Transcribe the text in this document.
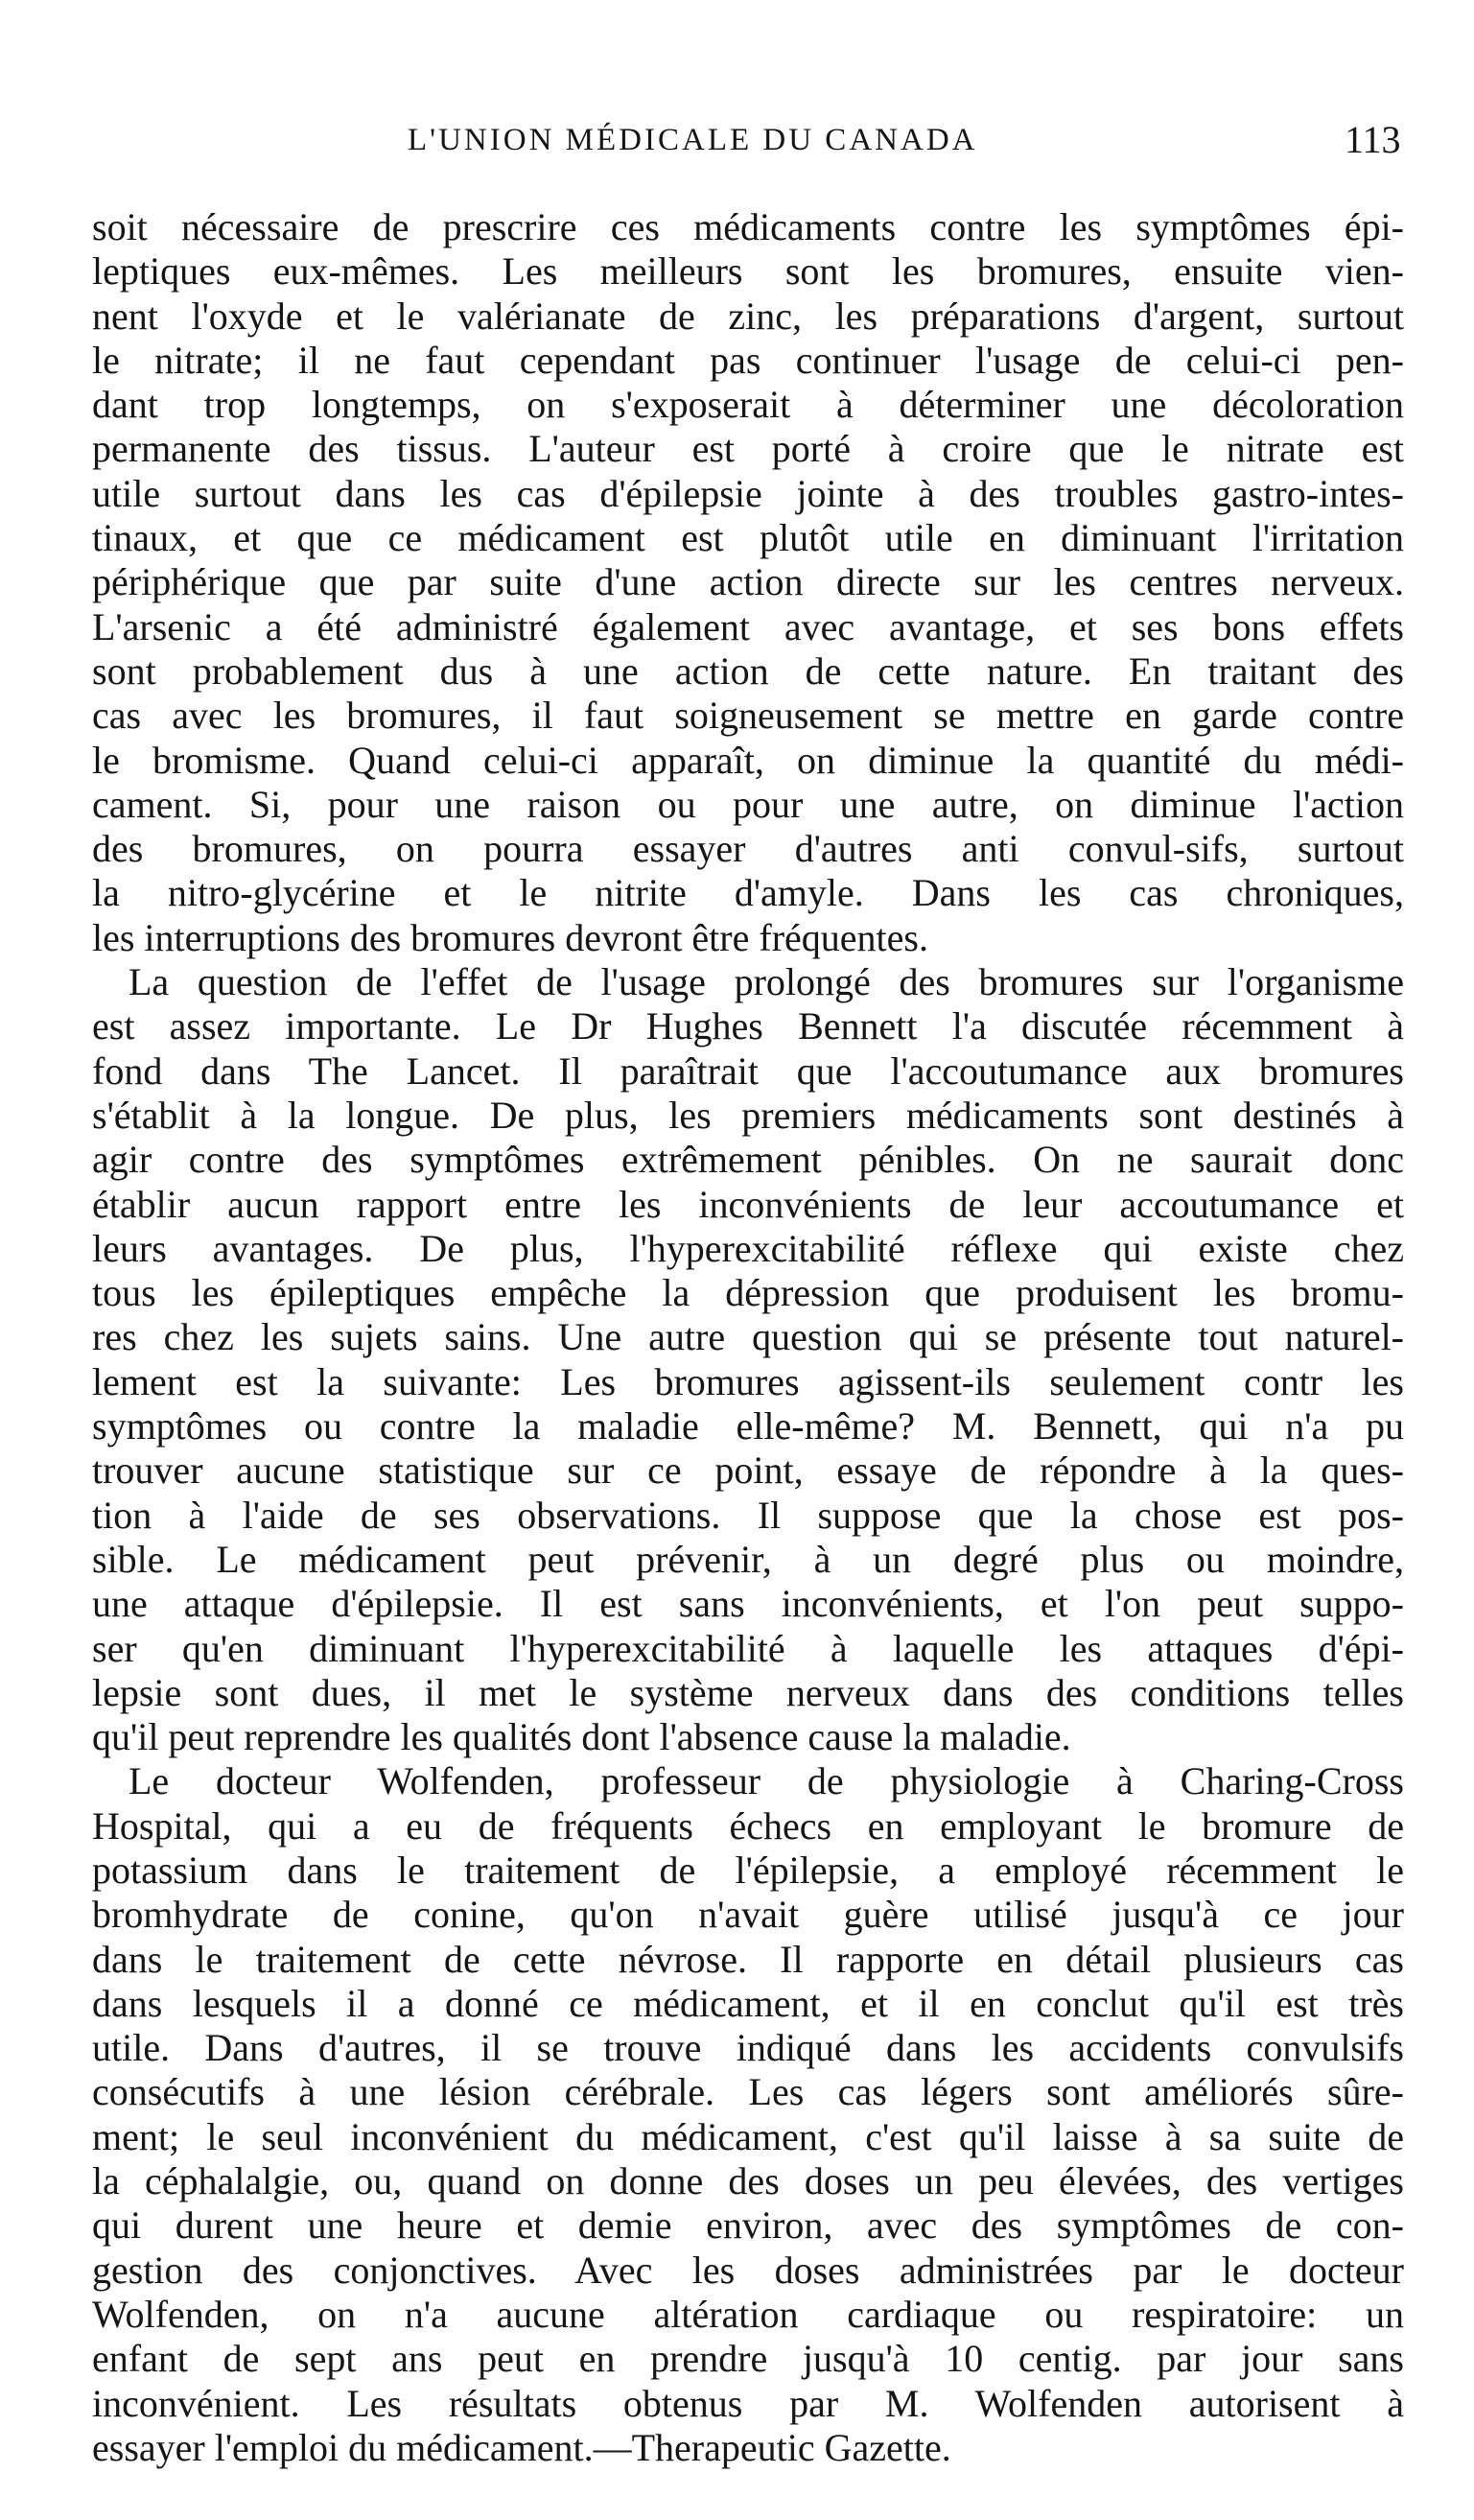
L'UNION MÉDICALE DU CANADA	113
soit nécessaire de prescrire ces médicaments contre les symptômes épi-
leptiques eux-mêmes. Les meilleurs sont les bromures, ensuite vien-
nent l'oxyde et le valérianate de zinc, les préparations d'argent, surtout
le nitrate; il ne faut cependant pas continuer l'usage de celui-ci pen-
dant trop longtemps, on s'exposerait à déterminer une décoloration
permanente des tissus. L'auteur est porté à croire que le nitrate est
utile surtout dans les cas d'épilepsie jointe à des troubles gastro-intes-
tinaux, et que ce médicament est plutôt utile en diminuant l'irritation
périphérique que par suite d'une action directe sur les centres nerveux.
L'arsenic a été administré également avec avantage, et ses bons effets
sont probablement dus à une action de cette nature. En traitant des
cas avec les bromures, il faut soigneusement se mettre en garde contre
le bromisme. Quand celui-ci apparaît, on diminue la quantité du médi-
cament. Si, pour une raison ou pour une autre, on diminue l'action
des bromures, on pourra essayer d'autres anti convul-sifs, surtout
la nitro-glycérine et le nitrite d'amyle. Dans les cas chroniques,
les interruptions des bromures devront être fréquentes.
La question de l'effet de l'usage prolongé des bromures sur l'organisme
est assez importante. Le Dr Hughes Bennett l'a discutée récemment à
fond dans The Lancet. Il paraîtrait que l'accoutumance aux bromures
s'établit à la longue. De plus, les premiers médicaments sont destinés à
agir contre des symptômes extrêmement pénibles. On ne saurait donc
établir aucun rapport entre les inconvénients de leur accoutumance et
leurs avantages. De plus, l'hyperexcitabilité réflexe qui existe chez
tous les épileptiques empêche la dépression que produisent les bromu-
res chez les sujets sains. Une autre question qui se présente tout naturel-
lement est la suivante: Les bromures agissent-ils seulement contr les
symptômes ou contre la maladie elle-même? M. Bennett, qui n'a pu
trouver aucune statistique sur ce point, essaye de répondre à la ques-
tion à l'aide de ses observations. Il suppose que la chose est pos-
sible. Le médicament peut prévenir, à un degré plus ou moindre,
une attaque d'épilepsie. Il est sans inconvénients, et l'on peut suppo-
ser qu'en diminuant l'hyperexcitabilité à laquelle les attaques d'épi-
lepsie sont dues, il met le système nerveux dans des conditions telles
qu'il peut reprendre les qualités dont l'absence cause la maladie.
Le docteur Wolfenden, professeur de physiologie à Charing-Cross
Hospital, qui a eu de fréquents échecs en employant le bromure de
potassium dans le traitement de l'épilepsie, a employé récemment le
bromhydrate de conine, qu'on n'avait guère utilisé jusqu'à ce jour
dans le traitement de cette névrose. Il rapporte en détail plusieurs cas
dans lesquels il a donné ce médicament, et il en conclut qu'il est très
utile. Dans d'autres, il se trouve indiqué dans les accidents convulsifs
consécutifs à une lésion cérébrale. Les cas légers sont améliorés sûre-
ment; le seul inconvénient du médicament, c'est qu'il laisse à sa suite de
la céphalalgie, ou, quand on donne des doses un peu élevées, des vertiges
qui durent une heure et demie environ, avec des symptômes de con-
gestion des conjonctives. Avec les doses administrées par le docteur
Wolfenden, on n'a aucune altération cardiaque ou respiratoire: un
enfant de sept ans peut en prendre jusqu'à 10 centig. par jour sans
inconvénient. Les résultats obtenus par M. Wolfenden autorisent à
essayer l'emploi du médicament.—Therapeutic Gazette.
